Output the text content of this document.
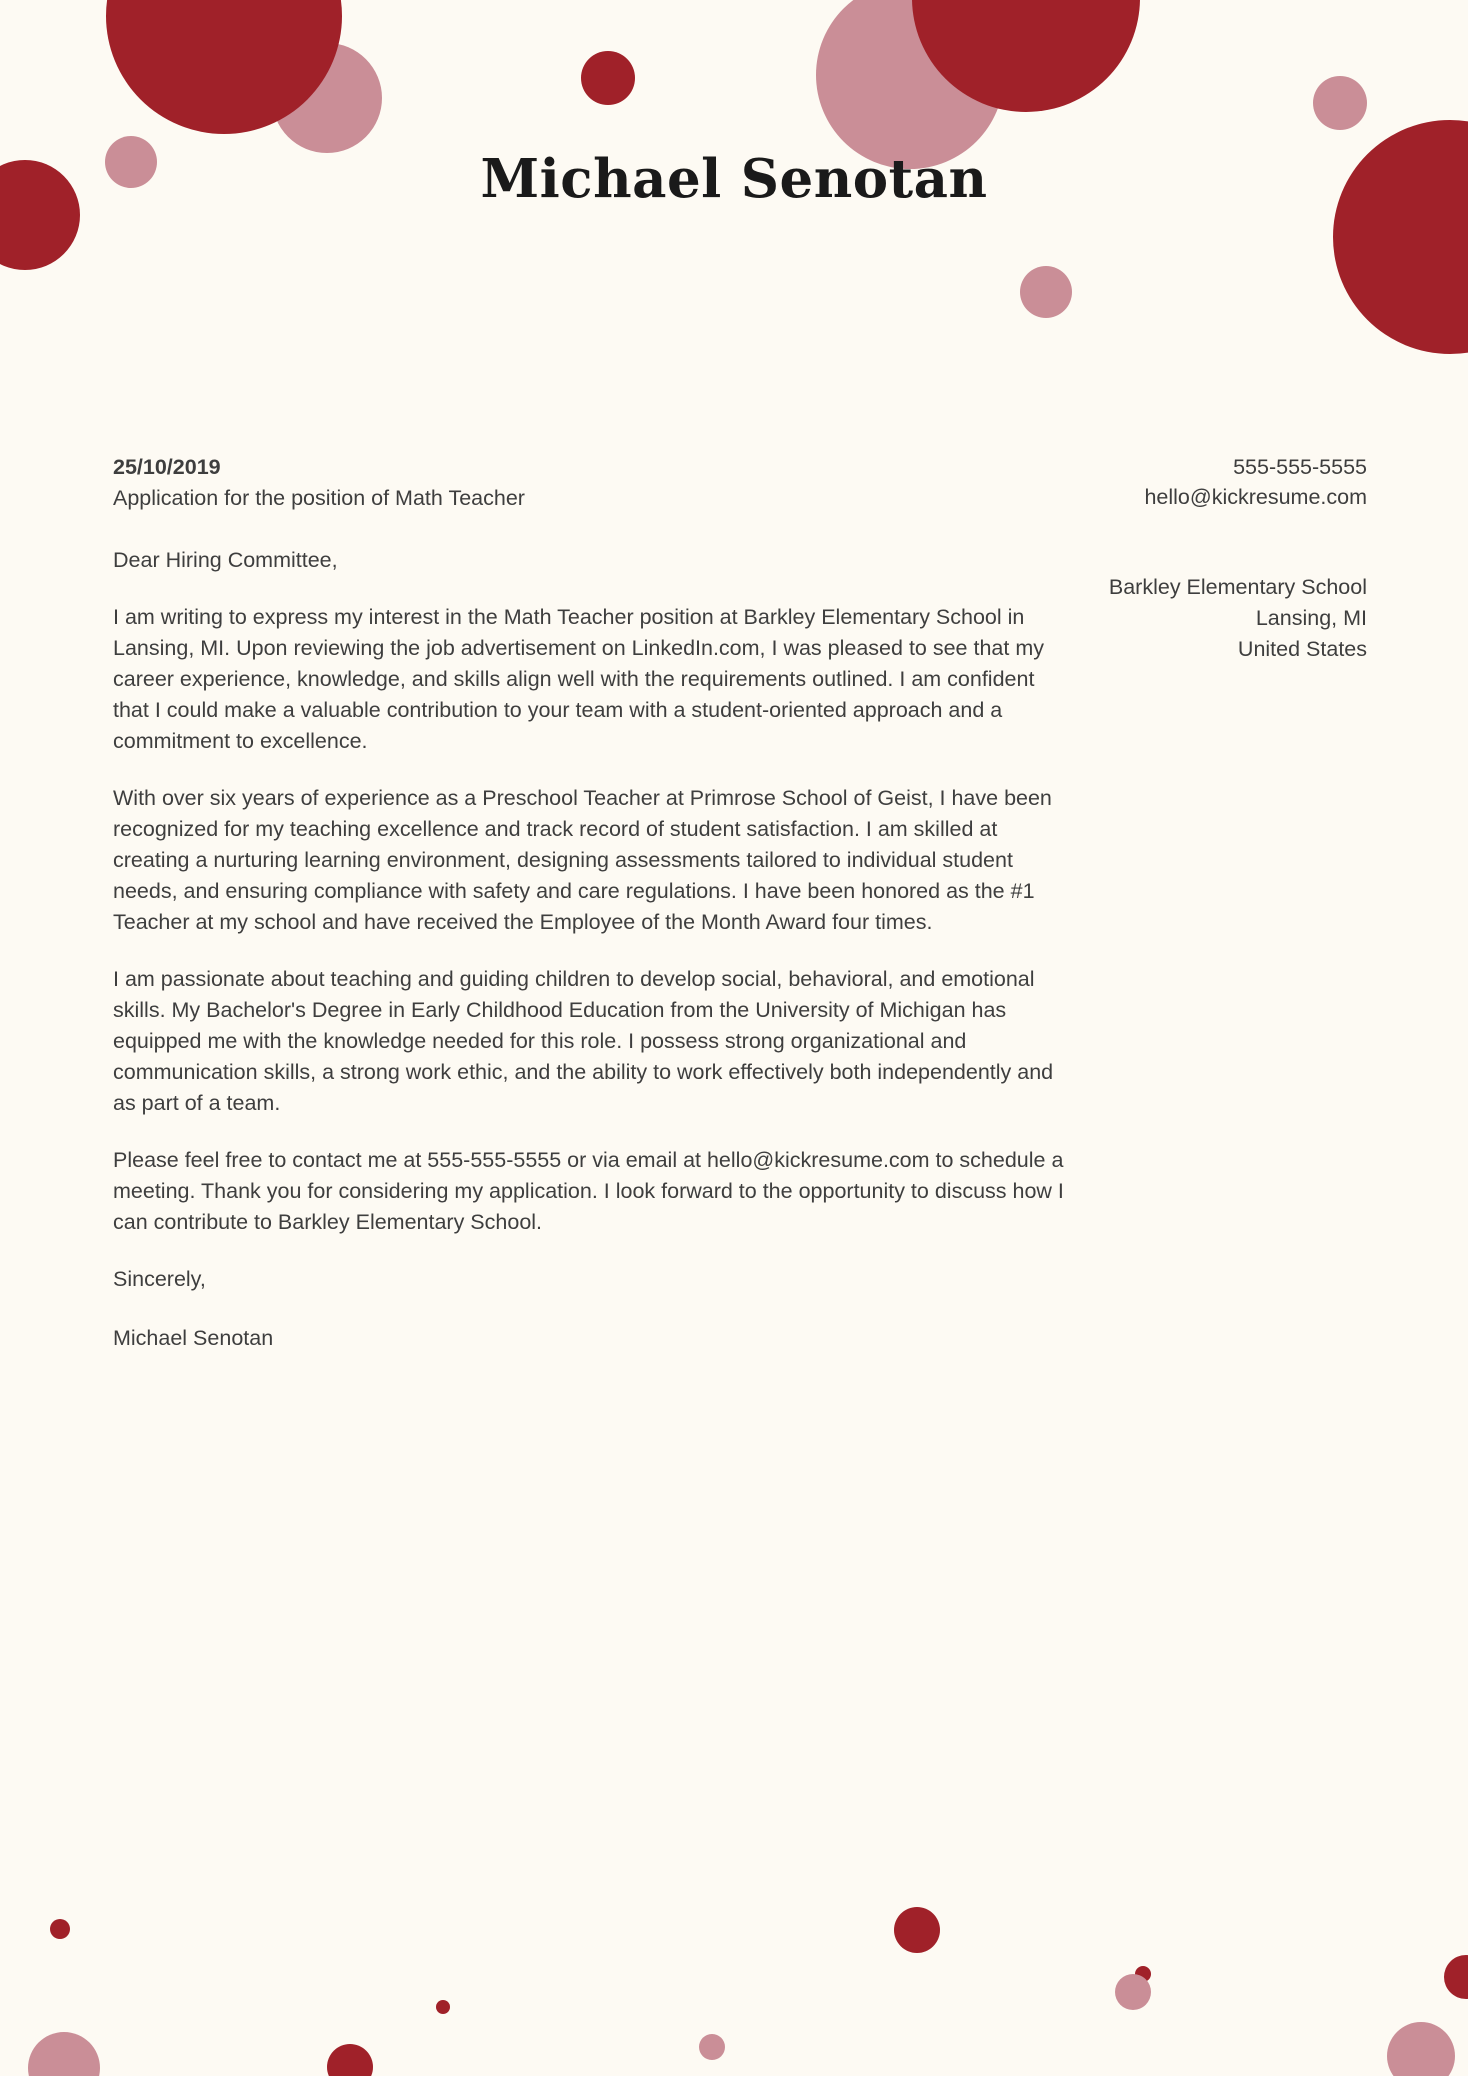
Michael Senotan
25/10/2019
Application for the position of Math Teacher
Dear Hiring Committee,

I am writing to express my interest in the Math Teacher position at Barkley Elementary School in Lansing, MI. Upon reviewing the job advertisement on LinkedIn.com, I was pleased to see that my career experience, knowledge, and skills align well with the requirements outlined. I am confident that I could make a valuable contribution to your team with a student-oriented approach and a commitment to excellence.

With over six years of experience as a Preschool Teacher at Primrose School of Geist, I have been recognized for my teaching excellence and track record of student satisfaction. I am skilled at creating a nurturing learning environment, designing assessments tailored to individual student needs, and ensuring compliance with safety and care regulations. I have been honored as the #1 Teacher at my school and have received the Employee of the Month Award four times.

I am passionate about teaching and guiding children to develop social, behavioral, and emotional skills. My Bachelor's Degree in Early Childhood Education from the University of Michigan has equipped me with the knowledge needed for this role. I possess strong organizational and communication skills, a strong work ethic, and the ability to work effectively both independently and as part of a team.

Please feel free to contact me at 555-555-5555 or via email at hello@kickresume.com to schedule a meeting. Thank you for considering my application. I look forward to the opportunity to discuss how I can contribute to Barkley Elementary School.

Sincerely,
Michael Senotan
555-555-5555
hello@kickresume.com
Barkley Elementary School
Lansing, MI
United States
